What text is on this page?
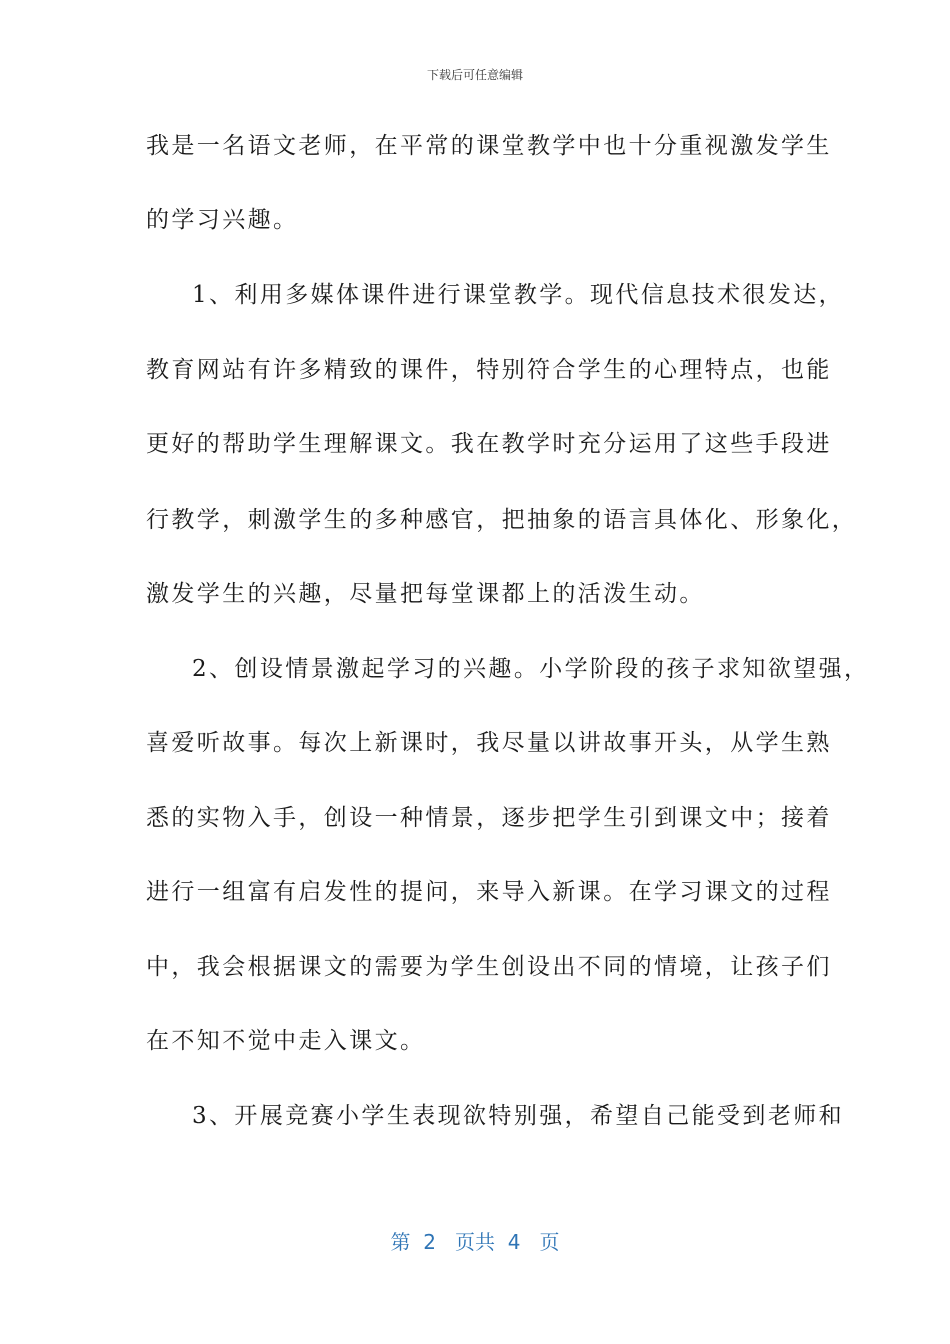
下载后可任意编辑
我是一名语文老师，在平常的课堂教学中也十分重视激发学生
的学习兴趣。
1、利用多媒体课件进行课堂教学。现代信息技术很发达，
教育网站有许多精致的课件，特别符合学生的心理特点，也能
更好的帮助学生理解课文。我在教学时充分运用了这些手段进
行教学，刺激学生的多种感官，把抽象的语言具体化、形象化，
激发学生的兴趣，尽量把每堂课都上的活泼生动。
2、创设情景激起学习的兴趣。小学阶段的孩子求知欲望强，
喜爱听故事。每次上新课时，我尽量以讲故事开头，从学生熟
悉的实物入手，创设一种情景，逐步把学生引到课文中；接着
进行一组富有启发性的提问，来导入新课。在学习课文的过程
中，我会根据课文的需要为学生创设出不同的情境，让孩子们
在不知不觉中走入课文。
3、开展竞赛小学生表现欲特别强，希望自己能受到老师和
第  2   页共  4   页
